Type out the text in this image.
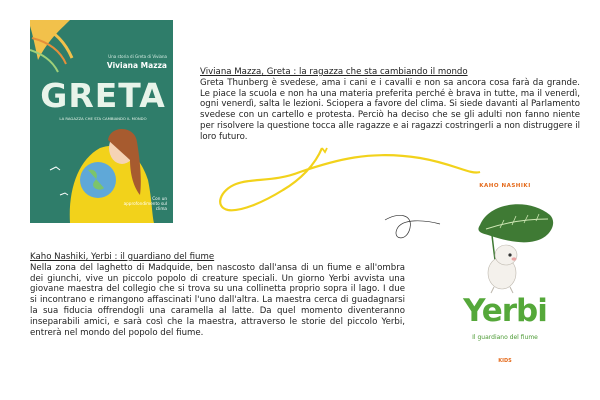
Una storia di Greta di Viviana
Viviana Mazza
GRETA
LA RAGAZZA CHE STA CAMBIANDO IL MONDO
Con un approfondimento sul clima
Viviana Mazza, Greta : la ragazza che sta cambiando il mondo

Greta Thunberg è svedese, ama i cani e i cavalli e non sa ancora cosa farà da grande. Le piace la scuola e non ha una materia preferita perché è brava in tutte, ma il venerdì, ogni venerdì, salta le lezioni. Sciopera a favore del clima. Si siede davanti al Parlamento svedese con un cartello e protesta. Perciò ha deciso che se gli adulti non fanno niente per risolvere la questione tocca alle ragazze e ai ragazzi costringerli a non distruggere il loro futuro.

Kaho Nashiki, Yerbi : il guardiano del fiume

Nella zona del laghetto di Madquide, ben nascosto dall'ansa di un fiume e all'ombra dei giunchi, vive un piccolo popolo di creature speciali. Un giorno Yerbi avvista una giovane maestra del collegio che si trova su una collinetta proprio sopra il lago. I due si incontrano e rimangono affascinati l'uno dall'altra. La maestra cerca di guadagnarsi la sua fiducia offrendogli una caramella al latte. Da quel momento diventeranno inseparabili amici, e sarà così che la maestra, attraverso le storie del piccolo Yerbi, entrerà nel mondo del popolo del fiume.

KAHO NASHIKI
Yerbi
Il guardiano del fiume
KIDS
